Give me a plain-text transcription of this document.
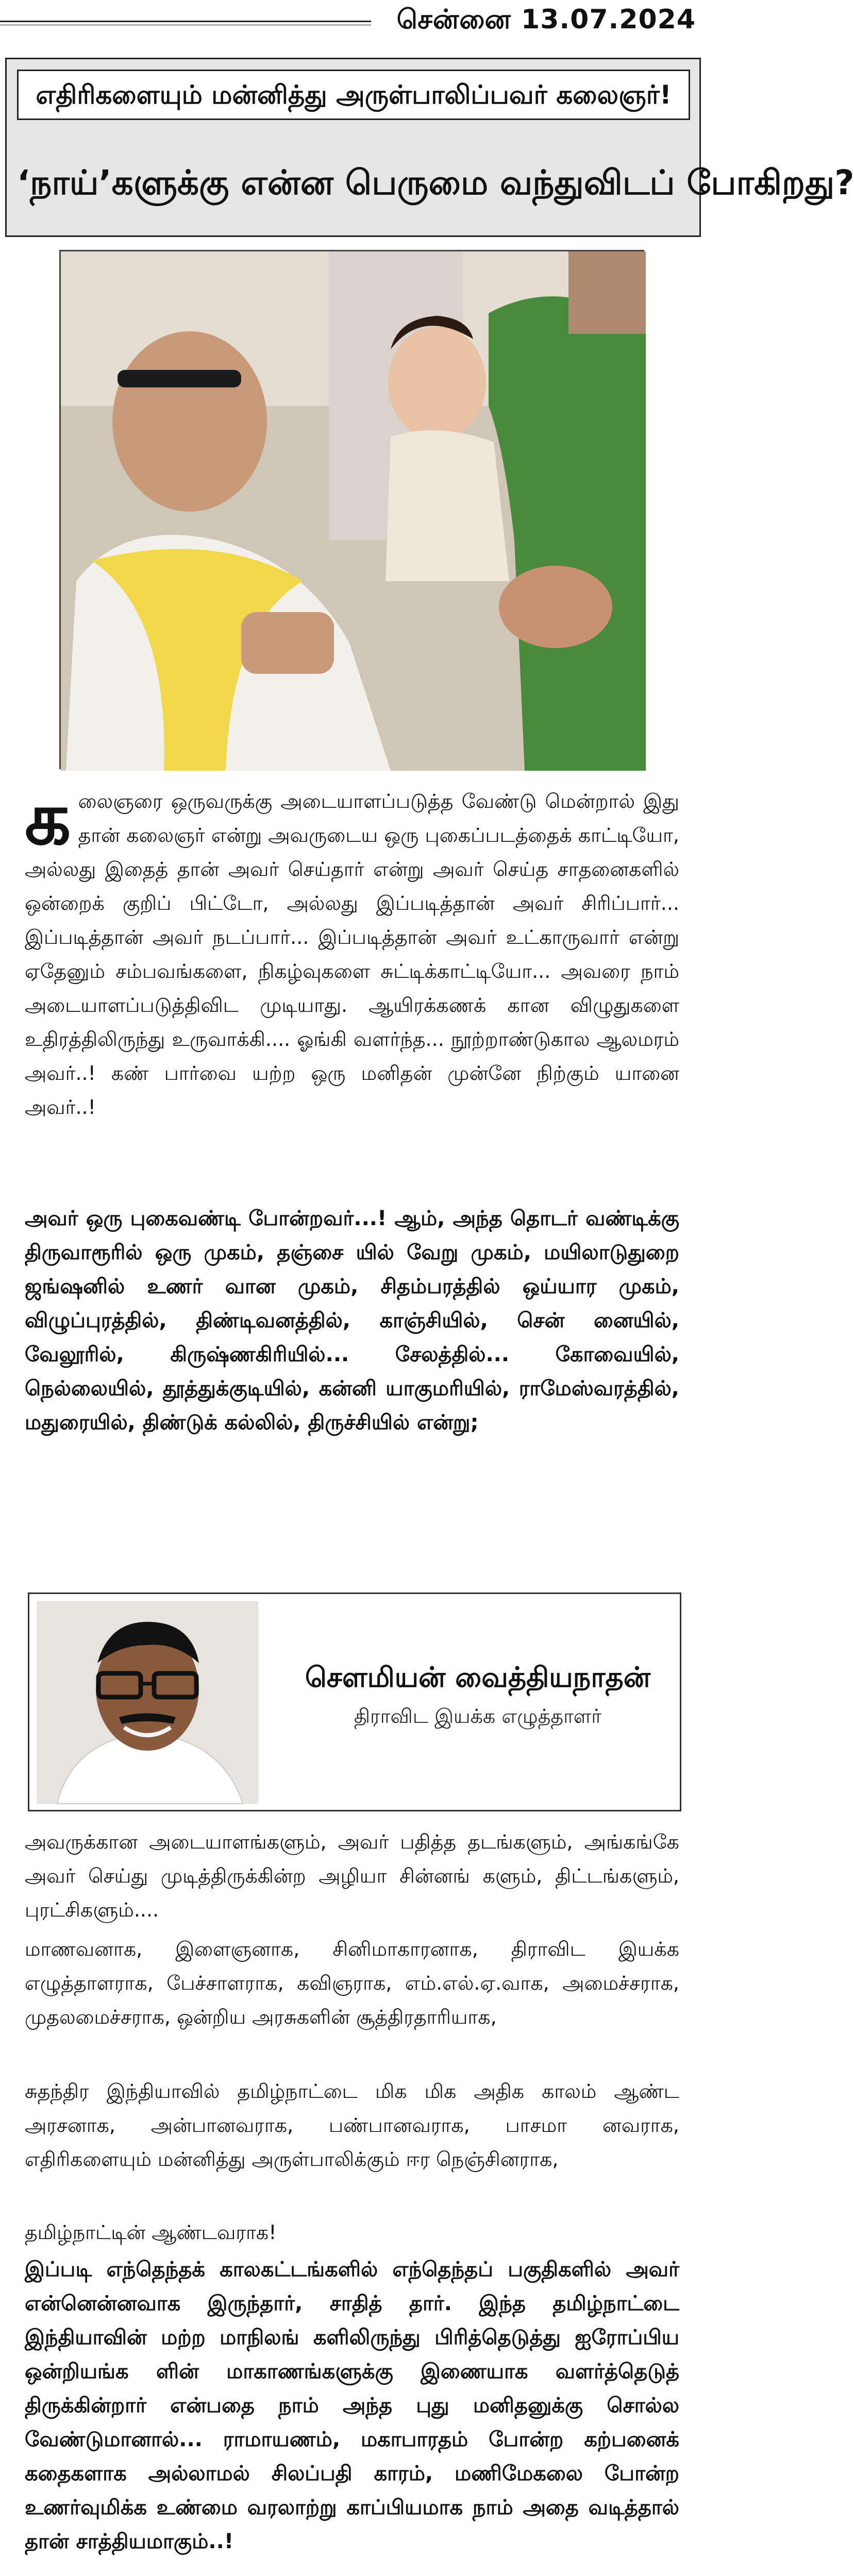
சென்னை 13.07.2024
எதிரிகளையும் மன்னித்து அருள்பாலிப்பவர் கலைஞர்!
‘நாய்’களுக்கு என்ன பெருமை வந்துவிடப் போகிறது?
க லைஞரை ஒருவருக்கு அடையாளப்படுத்த வேண்டு மென்றால் இது தான் கலைஞர் என்று அவருடைய ஒரு புகைப்படத்தைக் காட்டியோ, அல்லது இதைத் தான் அவர் செய்தார் என்று அவர் செய்த சாதனைகளில் ஒன்றைக் குறிப் பிட்டோ, அல்லது இப்படித்தான் அவர் சிரிப்பார்... இப்படித்தான் அவர் நடப்பார்... இப்படித்தான் அவர் உட்காருவார் என்று ஏதேனும் சம்பவங்களை, நிகழ்வுகளை சுட்டிக்காட்டியோ... அவரை நாம் அடையாளப்படுத்திவிட முடியாது. ஆயிரக்கணக் கான விழுதுகளை உதிரத்திலிருந்து உருவாக்கி.... ஓங்கி வளர்ந்த... நூற்றாண்டுகால ஆலமரம் அவர்..! கண் பார்வை யற்ற ஒரு மனிதன் முன்னே நிற்கும் யானை அவர்..!
அவர் ஒரு புகைவண்டி போன்றவர்...! ஆம், அந்த தொடர் வண்டிக்கு திருவாரூரில் ஒரு முகம், தஞ்சை யில் வேறு முகம், மயிலாடுதுறை ஜங்ஷனில் உணர் வான முகம், சிதம்பரத்தில் ஒய்யார முகம், விழுப்புரத்தில், திண்டிவனத்தில், காஞ்சியில், சென் னையில், வேலூரில், கிருஷ்ணகிரியில்... சேலத்தில்... கோவையில், நெல்லையில், தூத்துக்குடியில், கன்னி யாகுமரியில், ராமேஸ்வரத்தில், மதுரையில், திண்டுக் கல்லில், திருச்சியில் என்று;
சௌமியன் வைத்தியநாதன்
திராவிட இயக்க எழுத்தாளர்
அவருக்கான அடையாளங்களும், அவர் பதித்த தடங்களும், அங்கங்கே அவர் செய்து முடித்திருக்கின்ற அழியா சின்னங் களும், திட்டங்களும், புரட்சிகளும்....
மாணவனாக, இளைஞனாக, சினிமாகாரனாக, திராவிட இயக்க எழுத்தாளராக, பேச்சாளராக, கவிஞராக, எம்.எல்.ஏ.வாக, அமைச்சராக, முதலமைச்சராக, ஒன்றிய அரசுகளின் சூத்திரதாரியாக,
சுதந்திர இந்தியாவில் தமிழ்நாட்டை மிக மிக அதிக காலம் ஆண்ட அரசனாக, அன்பானவராக, பண்பானவராக, பாசமா னவராக, எதிரிகளையும் மன்னித்து அருள்பாலிக்கும் ஈர நெஞ்சினராக,
தமிழ்நாட்டின் ஆண்டவராக!
இப்படி எந்தெந்தக் காலகட்டங்களில் எந்தெந்தப் பகுதிகளில் அவர் என்னென்னவாக இருந்தார், சாதித் தார். இந்த தமிழ்நாட்டை இந்தியாவின் மற்ற மாநிலங் களிலிருந்து பிரித்தெடுத்து ஐரோப்பிய ஒன்றியங்க ளின் மாகாணங்களுக்கு இணையாக வளர்த்தெடுத் திருக்கின்றார் என்பதை நாம் அந்த புது மனிதனுக்கு சொல்ல வேண்டுமானால்... ராமாயணம், மகாபாரதம் போன்ற கற்பனைக் கதைகளாக அல்லாமல் சிலப்பதி காரம், மணிமேகலை போன்ற உணர்வுமிக்க உண்மை வரலாற்று காப்பியமாக நாம் அதை வடித்தால் தான் சாத்தியமாகும்..!
